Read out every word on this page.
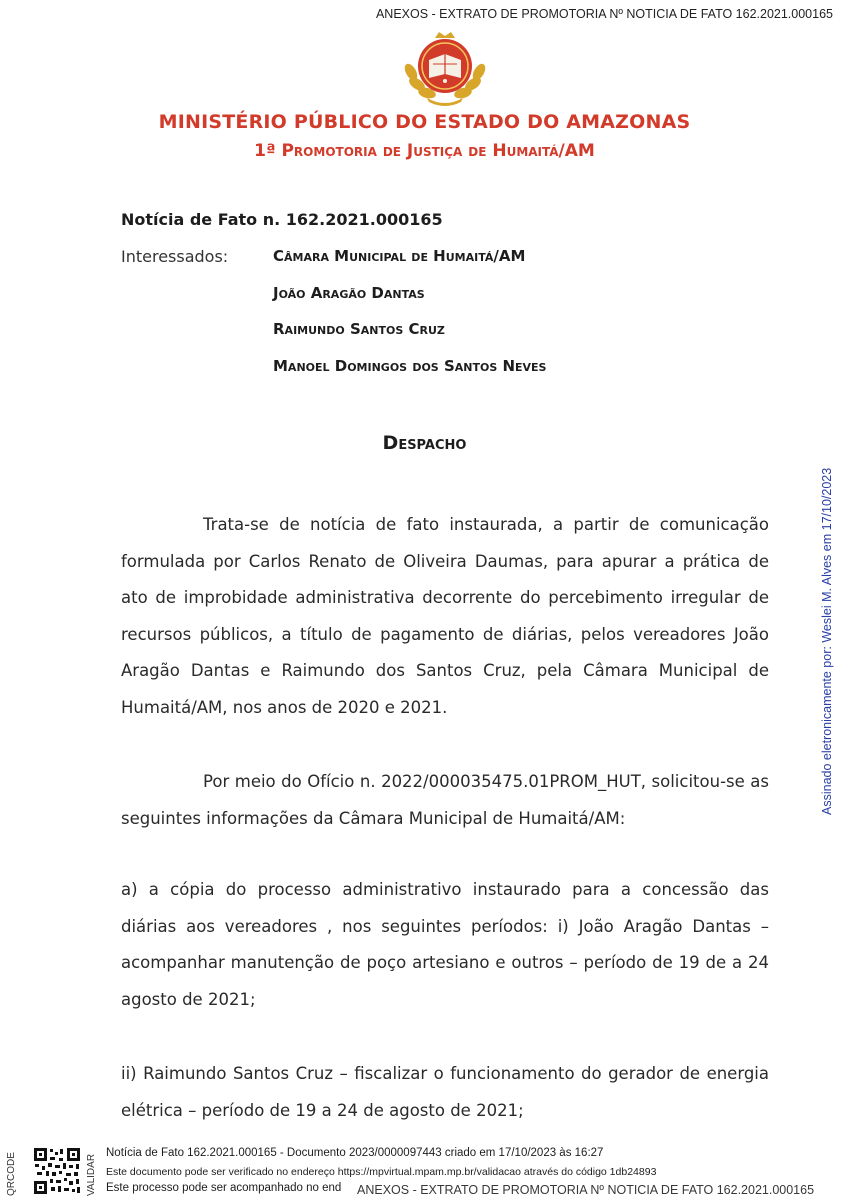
ANEXOS - EXTRATO DE PROMOTORIA Nº NOTICIA DE FATO 162.2021.000165
MINISTÉRIO PÚBLICO DO ESTADO DO AMAZONAS
1ª Promotoria de Justiça de Humaitá/AM
Notícia de Fato n. 162.2021.000165
Interessados:	Câmara Municipal de Humaitá/AM
João Aragão Dantas
Raimundo Santos Cruz
Manoel Domingos dos Santos Neves
Despacho
Trata-se de notícia de fato instaurada, a partir de comunicação formulada por Carlos Renato de Oliveira Daumas, para apurar a prática de ato de improbidade administrativa decorrente do percebimento irregular de recursos públicos, a título de pagamento de diárias, pelos vereadores João Aragão Dantas e Raimundo dos Santos Cruz, pela Câmara Municipal de Humaitá/AM, nos anos de 2020 e 2021.
Por meio do Ofício n. 2022/000035475.01PROM_HUT, solicitou-se as seguintes informações da Câmara Municipal de Humaitá/AM:
a) a cópia do processo administrativo instaurado para a concessão das diárias aos vereadores , nos seguintes períodos: i) João Aragão Dantas – acompanhar manutenção de poço artesiano e outros – período de 19 de a 24 agosto de 2021;
ii) Raimundo Santos Cruz – fiscalizar o funcionamento do gerador de energia elétrica – período de 19 a 24 de agosto de 2021;
Assinado eletronicamente por: Weslei M. Alves em 17/10/2023
QRCODE	VALIDAR
Notícia de Fato 162.2021.000165 - Documento 2023/0000097443 criado em 17/10/2023 às 16:27
Este documento pode ser verificado no endereço https://mpvirtual.mpam.mp.br/validacao através do código 1db24893
Este processo pode ser acompanhado no end ANEXOS - EXTRATO DE PROMOTORIA Nº NOTICIA DE FATO 162.2021.000165
